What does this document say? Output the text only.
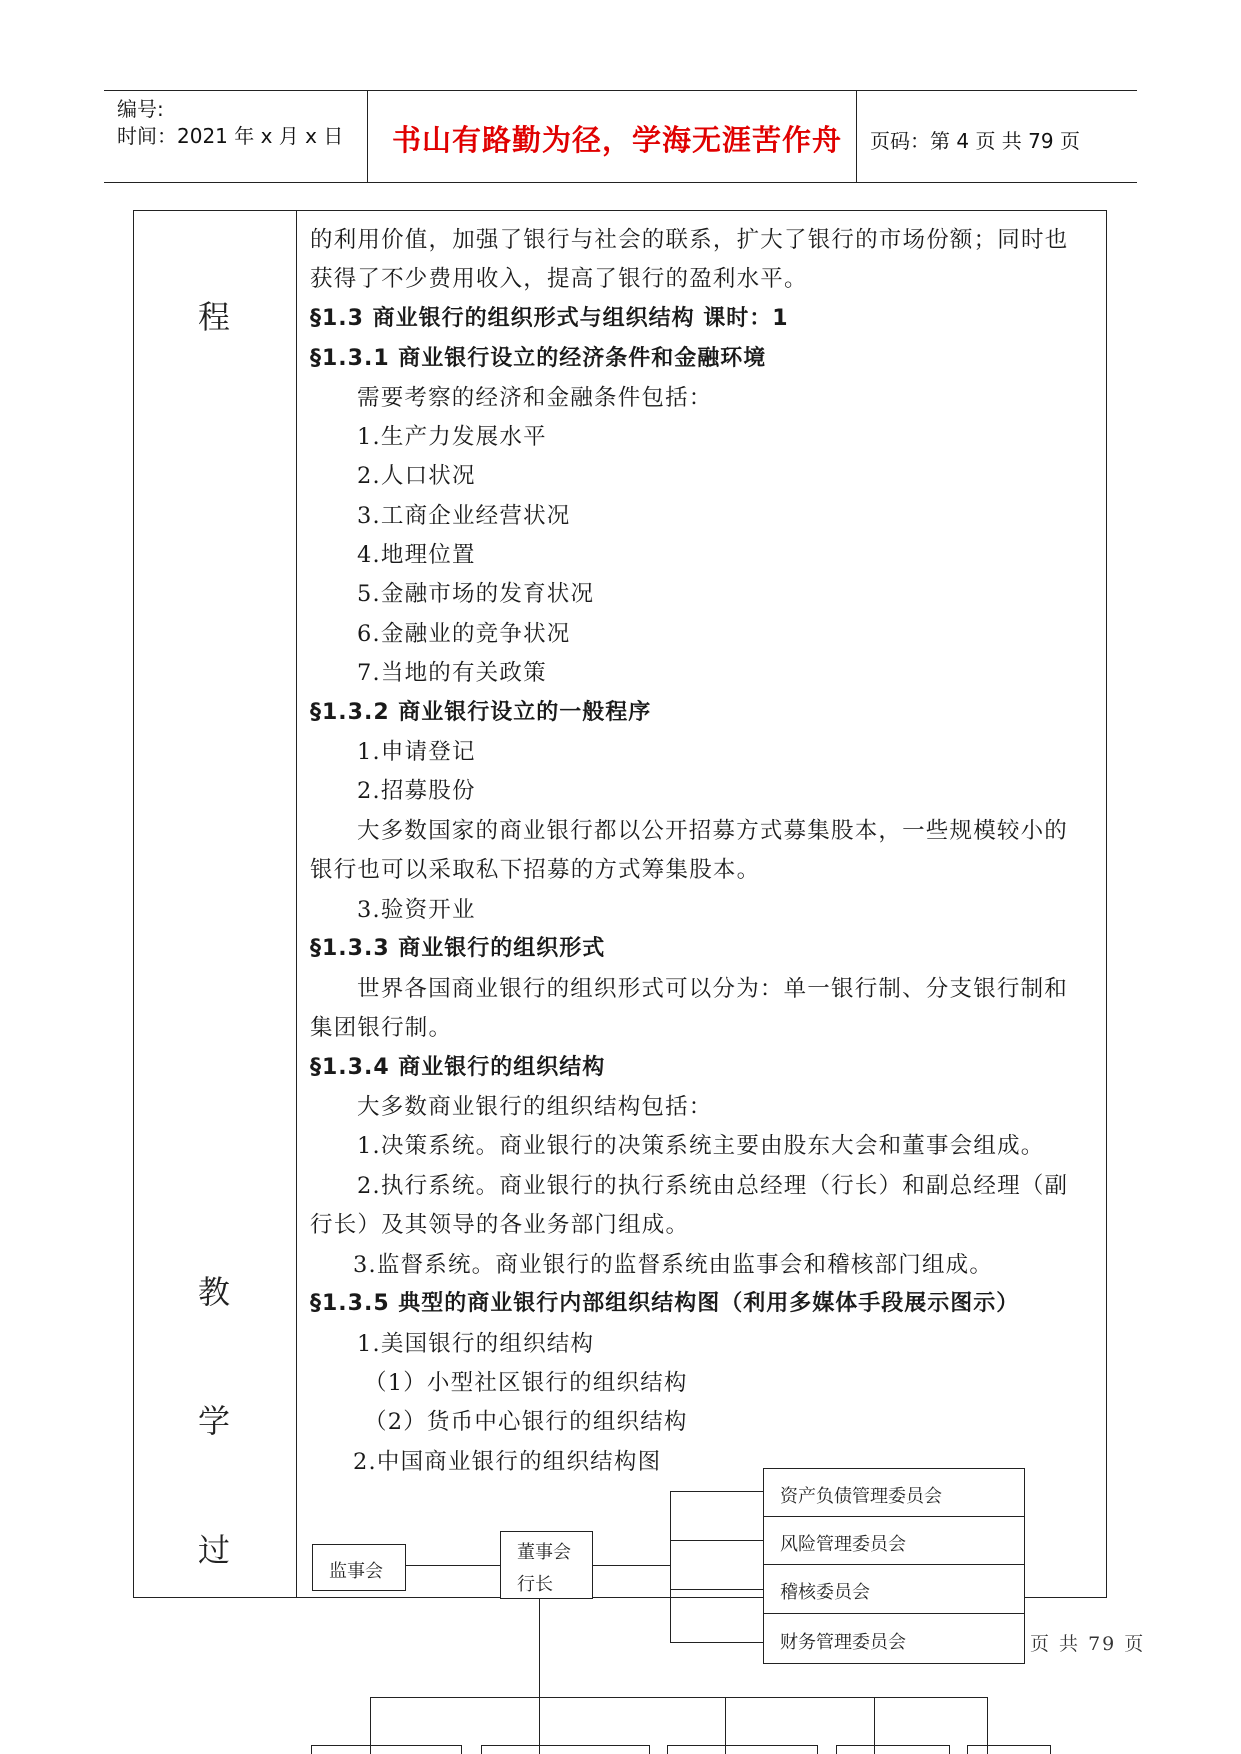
编号:
时间：2021 年 x 月 x 日 书山有路勤为径，学海无涯苦作舟 页码：第 4 页 共 79 页
程
教
学
过
的利用价值，加强了银行与社会的联系，扩大了银行的市场份额；同时也
获得了不少费用收入，提高了银行的盈利水平。
§1.3 商业银行的组织形式与组织结构 课时：1
§1.3.1 商业银行设立的经济条件和金融环境
需要考察的经济和金融条件包括：
1.生产力发展水平
2.人口状况
3.工商企业经营状况
4.地理位置
5.金融市场的发育状况
6.金融业的竞争状况
7.当地的有关政策
§1.3.2 商业银行设立的一般程序
1.申请登记
2.招募股份
大多数国家的商业银行都以公开招募方式募集股本，一些规模较小的
银行也可以采取私下招募的方式筹集股本。
3.验资开业
§1.3.3 商业银行的组织形式
世界各国商业银行的组织形式可以分为：单一银行制、分支银行制和
集团银行制。
§1.3.4 商业银行的组织结构
大多数商业银行的组织结构包括：
1.决策系统。商业银行的决策系统主要由股东大会和董事会组成。
2.执行系统。商业银行的执行系统由总经理（行长）和副总经理（副
行长）及其领导的各业务部门组成。
3.监督系统。商业银行的监督系统由监事会和稽核部门组成。
§1.3.5 典型的商业银行内部组织结构图（利用多媒体手段展示图示）
1.美国银行的组织结构
（1）小型社区银行的组织结构
（2）货币中心银行的组织结构
2.中国商业银行的组织结构图
监事会
董事会
行长
资产负债管理委员会
风险管理委员会
稽核委员会
财务管理委员会	页 共 79 页
